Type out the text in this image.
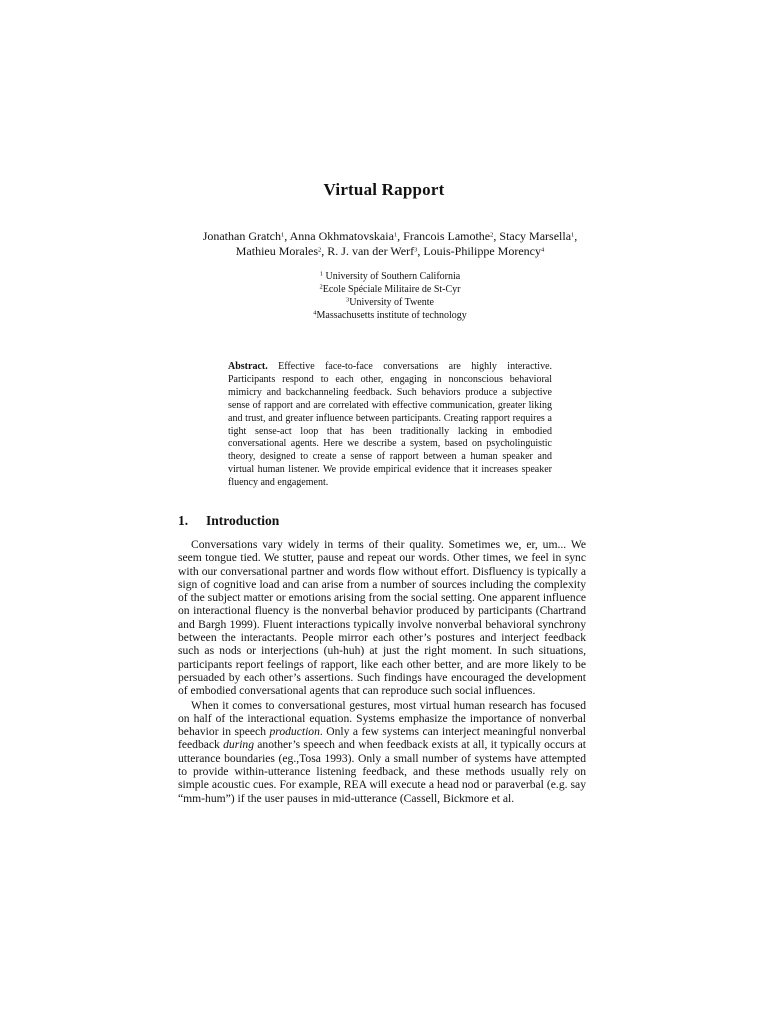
Virtual Rapport
Jonathan Gratch$^1$, Anna Okhmatovskaia$^1$, Francois Lamothe$^2$, Stacy Marsella$^1$,
Mathieu Morales$^2$, R. J. van der Werf$^3$, Louis-Philippe Morency$^4$
$^1$ University of Southern California
$^2$Ecole Spéciale Militaire de St-Cyr
$^3$University of Twente
$^4$Massachusetts institute of technology
Abstract. Effective face-to-face conversations are highly interactive. Participants respond to each other, engaging in nonconscious behavioral mimicry and backchanneling feedback. Such behaviors produce a subjective sense of rapport and are correlated with effective communication, greater liking and trust, and greater influence between participants. Creating rapport requires a tight sense-act loop that has been traditionally lacking in embodied conversational agents. Here we describe a system, based on psycholinguistic theory, designed to create a sense of rapport between a human speaker and virtual human listener. We provide empirical evidence that it increases speaker fluency and engagement.
1. Introduction

Conversations vary widely in terms of their quality. Sometimes we, er, um... We seem tongue tied. We stutter, pause and repeat our words. Other times, we feel in sync with our conversational partner and words flow without effort. Disfluency is typically a sign of cognitive load and can arise from a number of sources including the complexity of the subject matter or emotions arising from the social setting. One apparent influence on interactional fluency is the nonverbal behavior produced by participants (Chartrand and Bargh 1999). Fluent interactions typically involve nonverbal behavioral synchrony between the interactants. People mirror each other’s postures and interject feedback such as nods or interjections (uh-huh) at just the right moment. In such situations, participants report feelings of rapport, like each other better, and are more likely to be persuaded by each other’s assertions. Such findings have encouraged the development of embodied conversational agents that can reproduce such social influences.

When it comes to conversational gestures, most virtual human research has focused on half of the interactional equation. Systems emphasize the importance of nonverbal behavior in speech production. Only a few systems can interject meaningful nonverbal feedback during another’s speech and when feedback exists at all, it typically occurs at utterance boundaries (eg.,Tosa 1993). Only a small number of systems have attempted to provide within-utterance listening feedback, and these methods usually rely on simple acoustic cues. For example, REA will execute a head nod or paraverbal (e.g. say “mm-hum”) if the user pauses in mid-utterance (Cassell, Bickmore et al.
